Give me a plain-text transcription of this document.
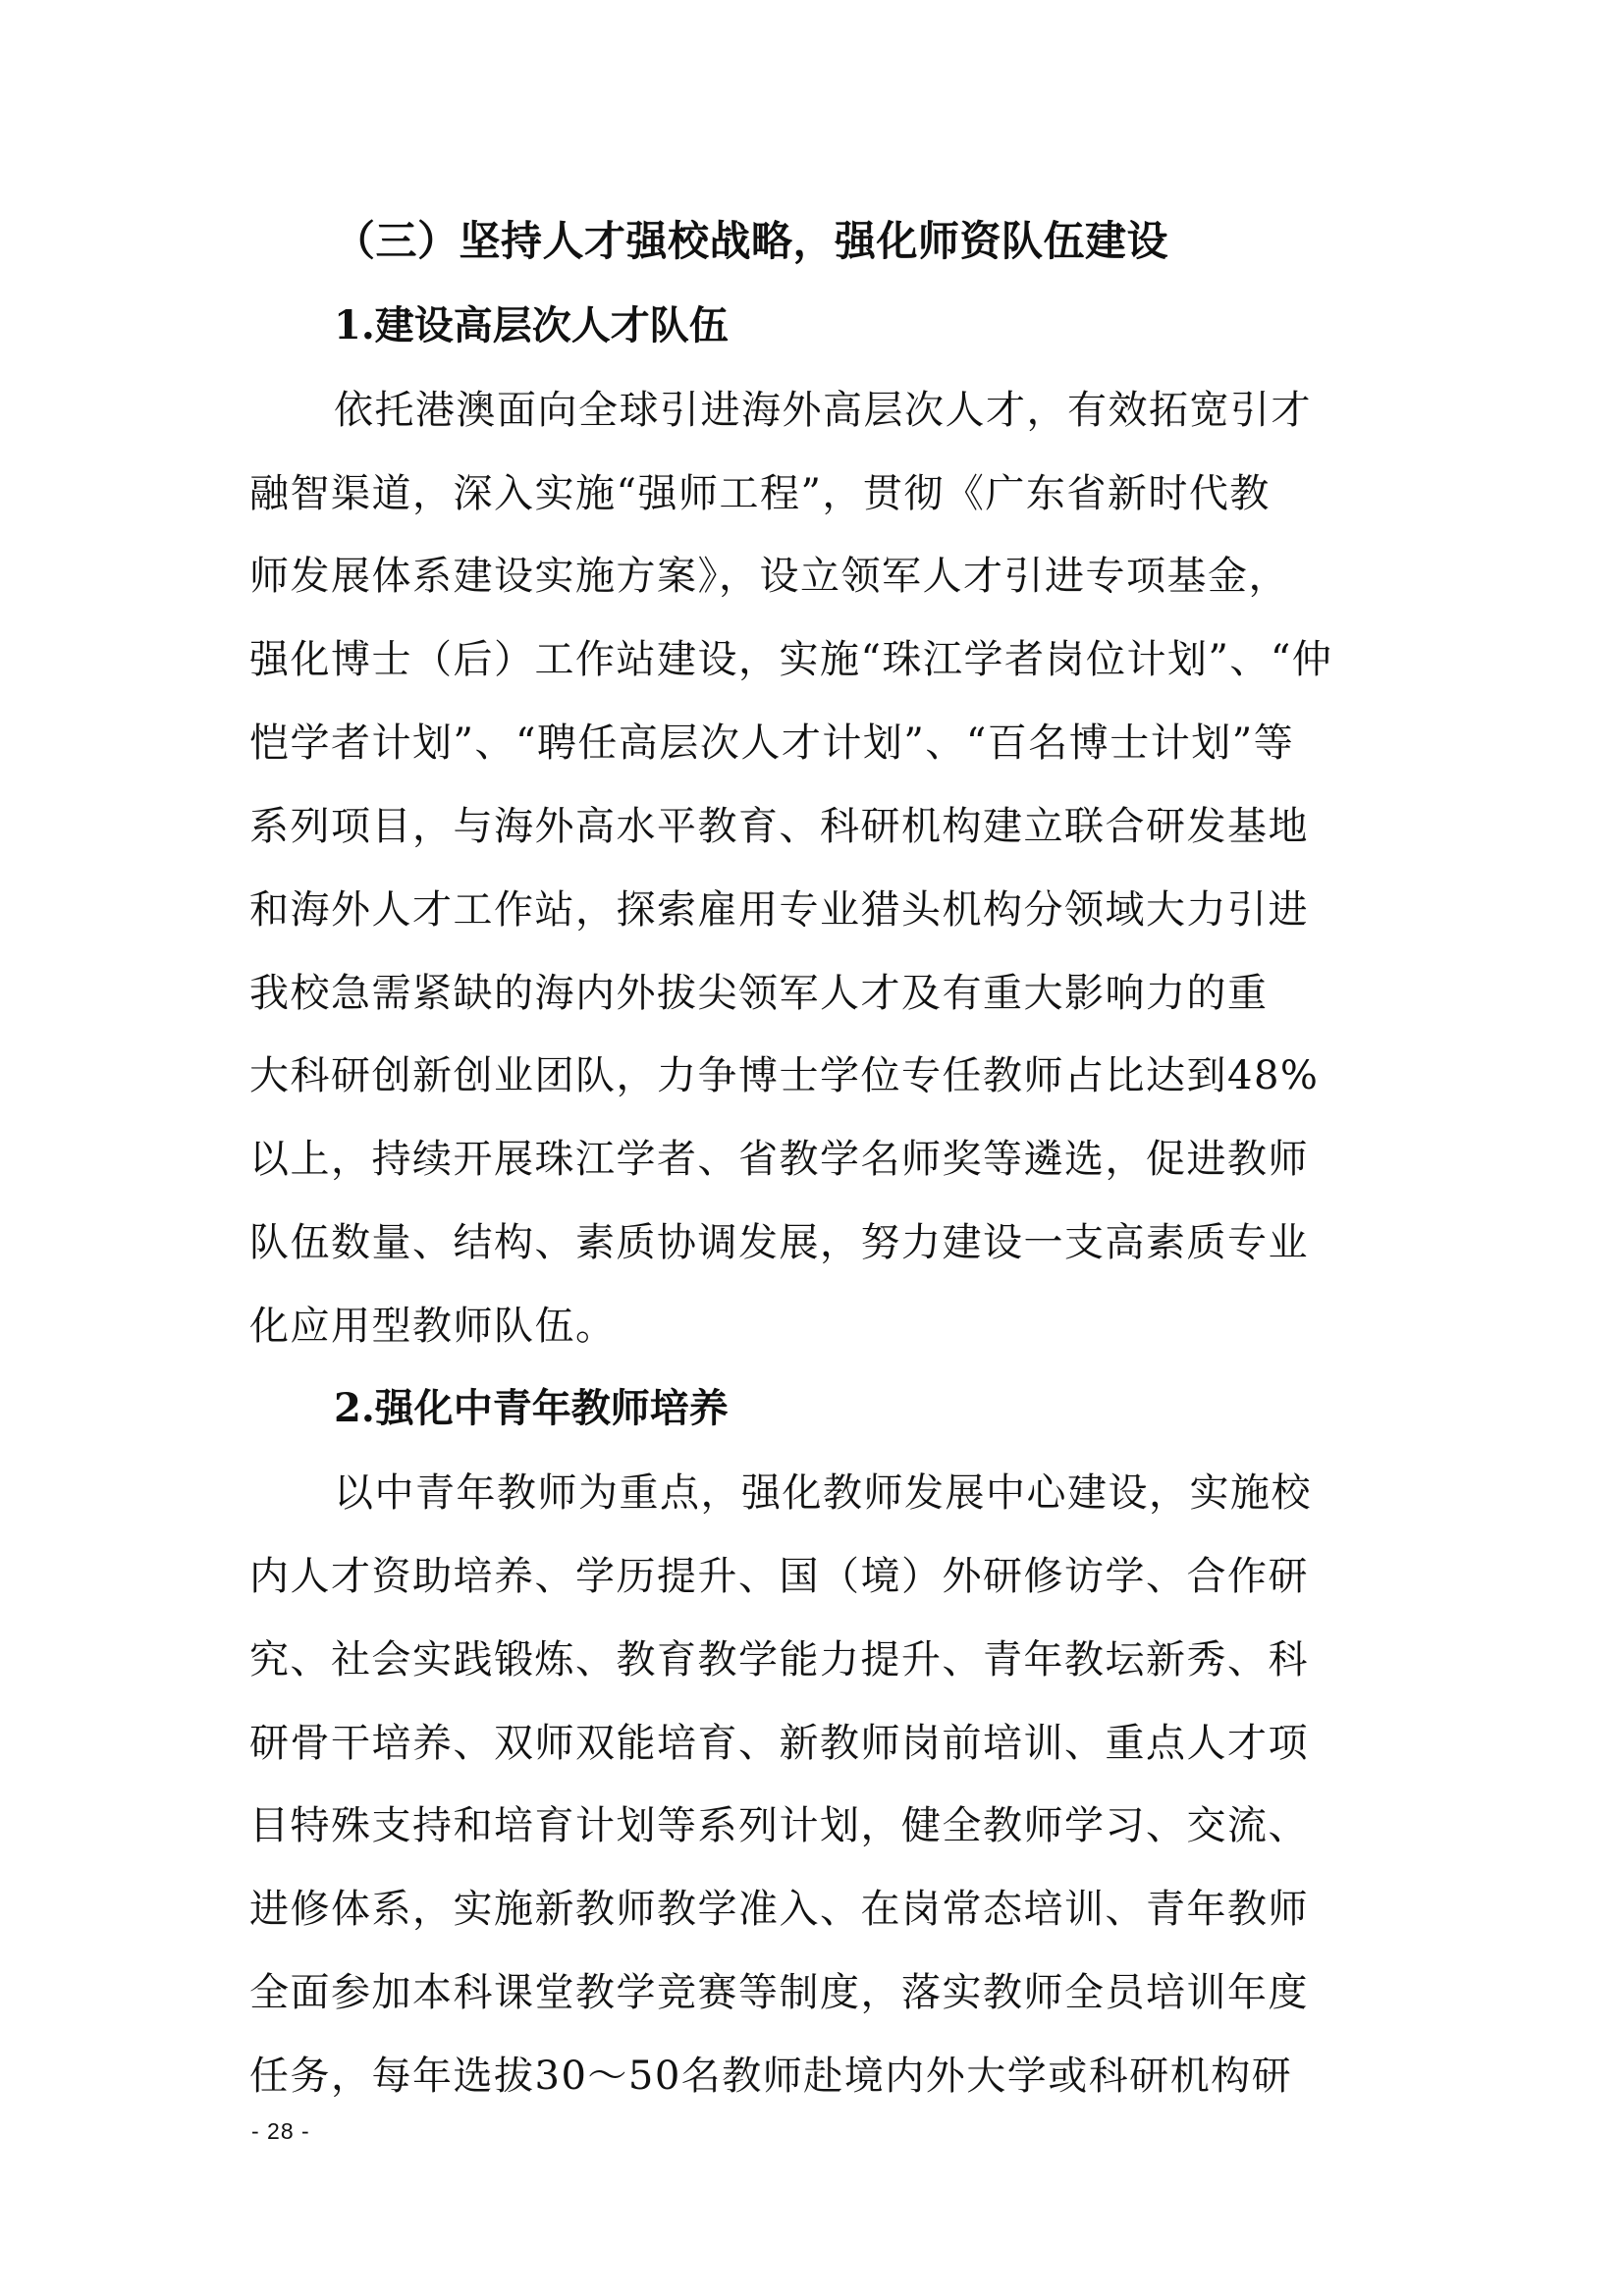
（三）坚持人才强校战略，强化师资队伍建设
1.建设高层次人才队伍
依托港澳面向全球引进海外高层次人才，有效拓宽引才
融智渠道，深入实施“强师工程”，贯彻《广东省新时代教
师发展体系建设实施方案》，设立领军人才引进专项基金，
强化博士（后）工作站建设，实施“珠江学者岗位计划”、“仲
恺学者计划”、“聘任高层次人才计划”、“百名博士计划”等
系列项目，与海外高水平教育、科研机构建立联合研发基地
和海外人才工作站，探索雇用专业猎头机构分领域大力引进
我校急需紧缺的海内外拔尖领军人才及有重大影响力的重
大科研创新创业团队，力争博士学位专任教师占比达到48%
以上，持续开展珠江学者、省教学名师奖等遴选，促进教师
队伍数量、结构、素质协调发展，努力建设一支高素质专业
化应用型教师队伍。
2.强化中青年教师培养
以中青年教师为重点，强化教师发展中心建设，实施校
内人才资助培养、学历提升、国（境）外研修访学、合作研
究、社会实践锻炼、教育教学能力提升、青年教坛新秀、科
研骨干培养、双师双能培育、新教师岗前培训、重点人才项
目特殊支持和培育计划等系列计划，健全教师学习、交流、
进修体系，实施新教师教学准入、在岗常态培训、青年教师
全面参加本科课堂教学竞赛等制度，落实教师全员培训年度
任务，每年选拔30～50名教师赴境内外大学或科研机构研
- 28 -
